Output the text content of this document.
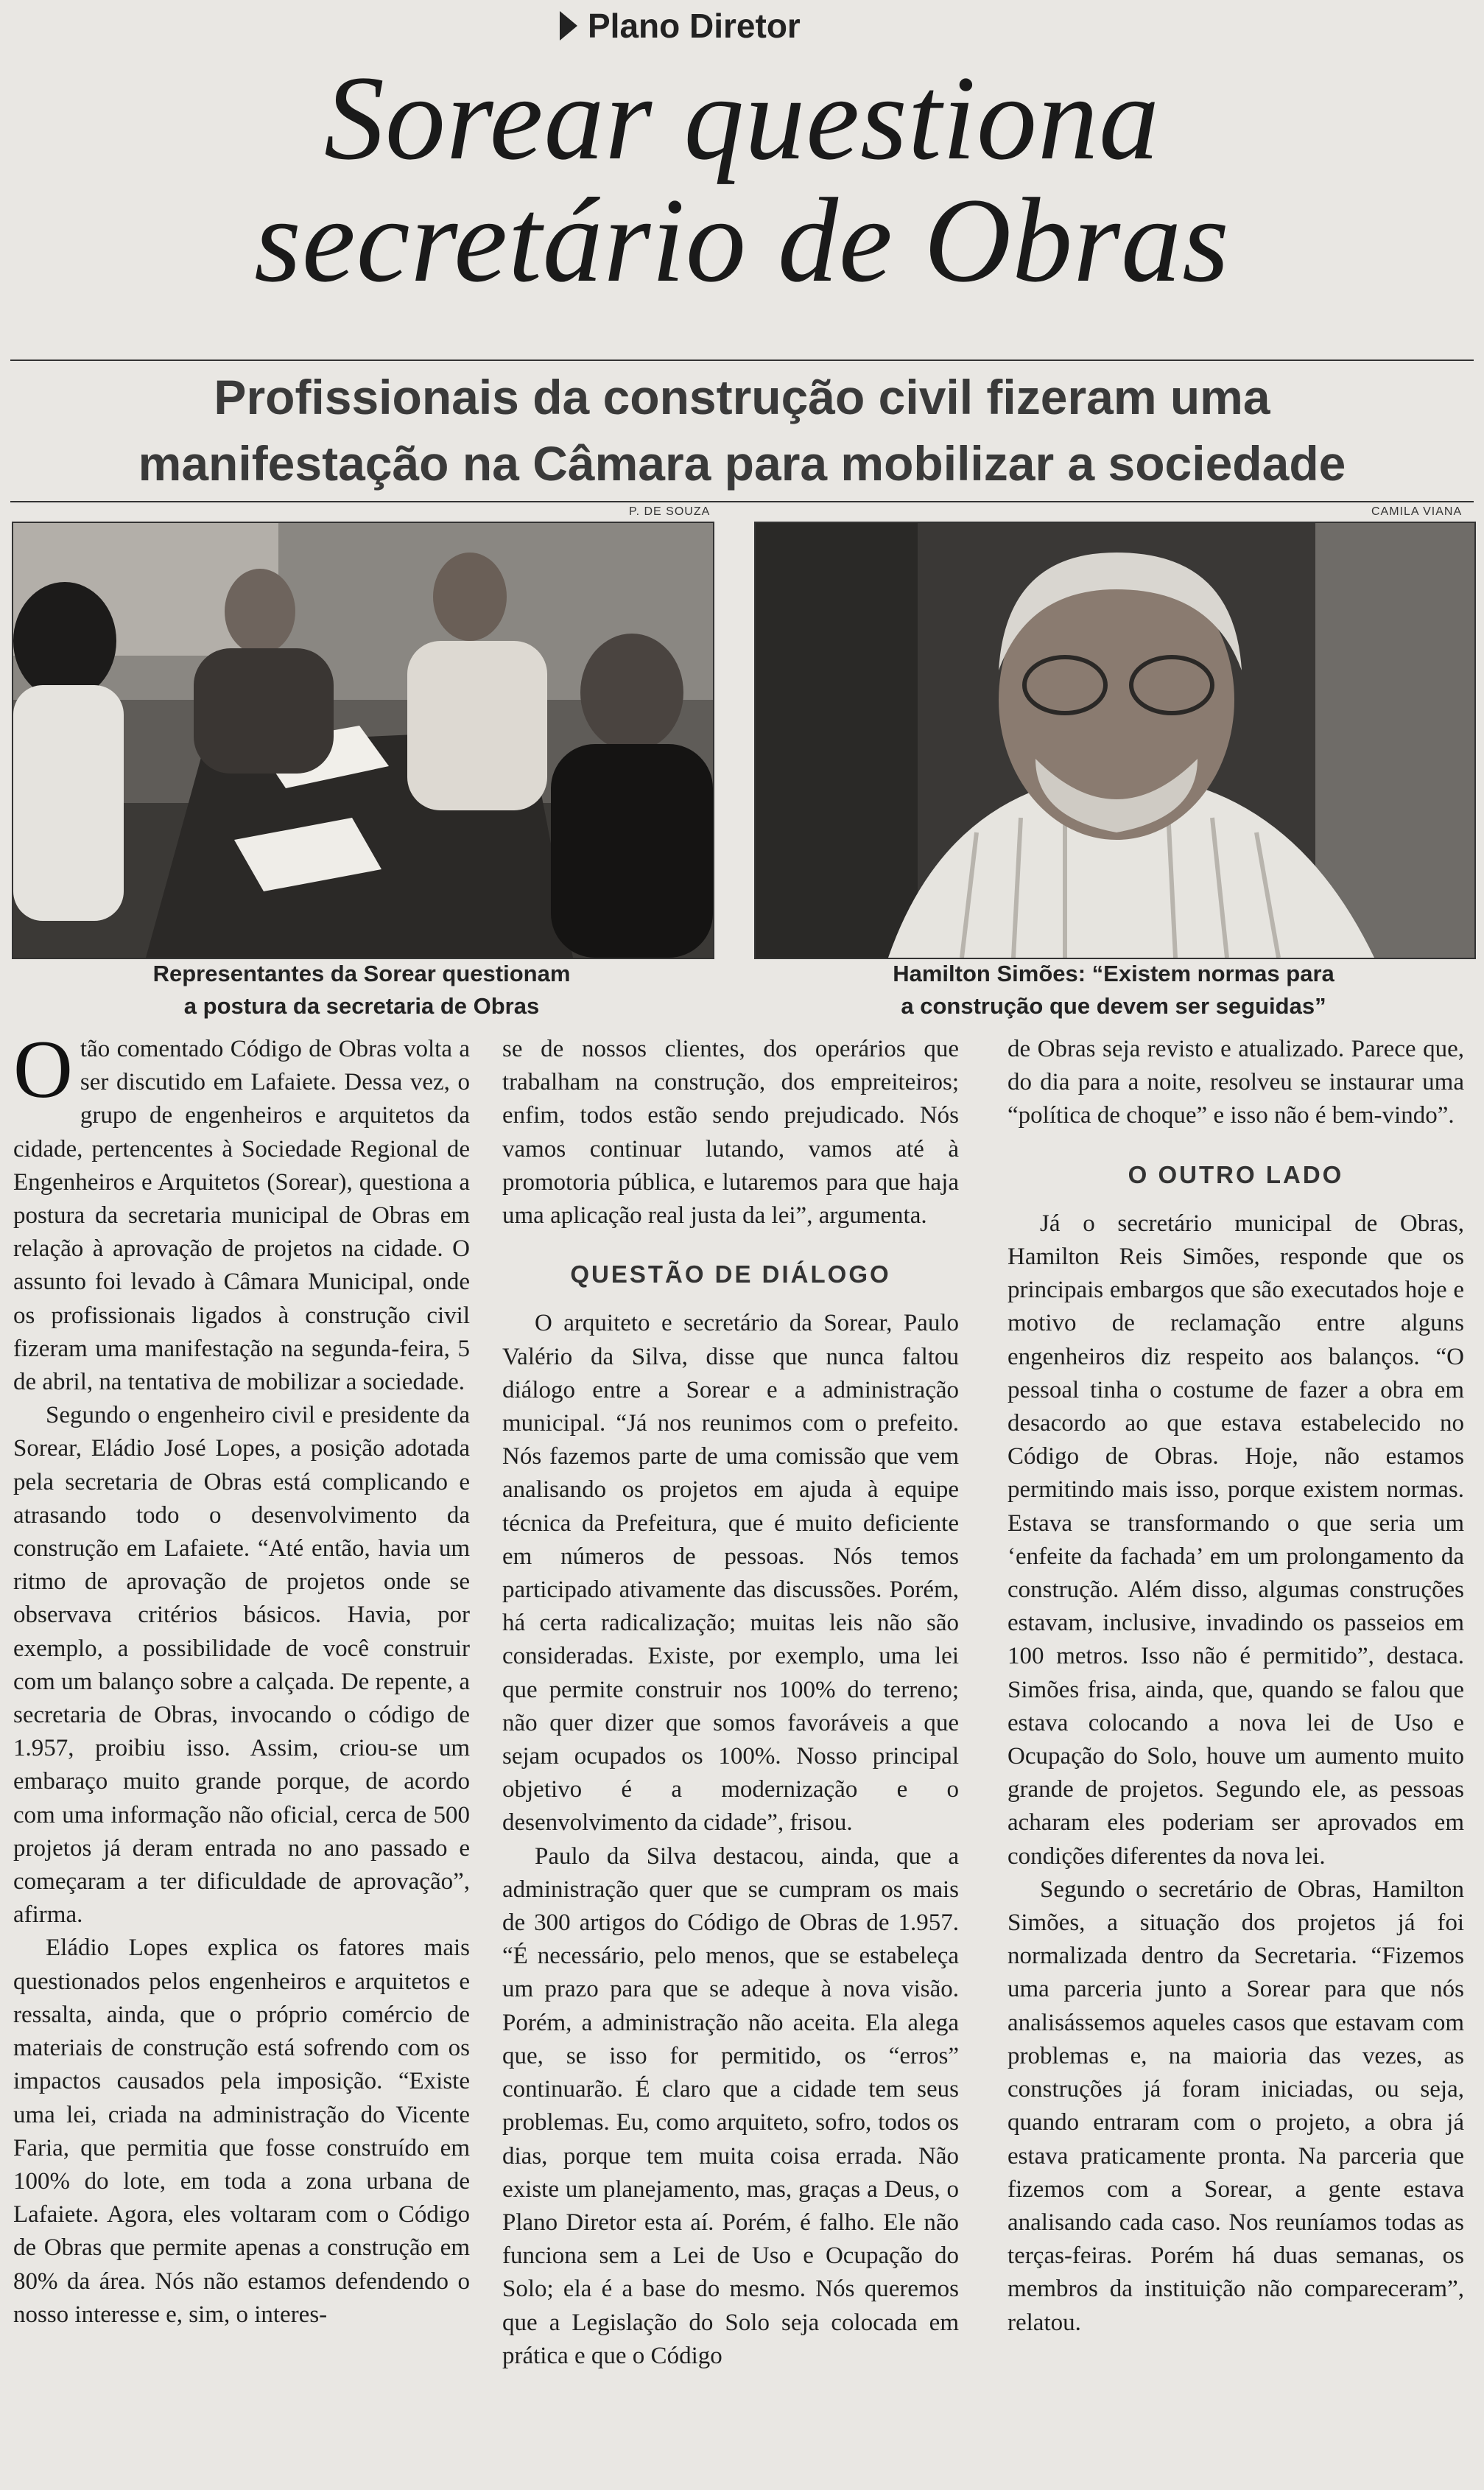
Plano Diretor
Sorear questiona
secretário de Obras
Profissionais da construção civil fizeram uma
manifestação na Câmara para mobilizar a sociedade
P. DE SOUZA	CAMILA VIANA
Representantes da Sorear questionam
a postura da secretaria de Obras
Hamilton Simões: “Existem normas para
a construção que devem ser seguidas”

Otão comentado Código de Obras volta a ser discutido em Lafaiete. Dessa vez, o grupo de engenheiros e arquitetos da cidade, pertencentes à Sociedade Regional de Engenheiros e Arquitetos (Sorear), questiona a postura da secretaria municipal de Obras em relação à aprovação de projetos na cidade. O assunto foi levado à Câmara Municipal, onde os profissionais ligados à construção civil fizeram uma manifestação na segunda-feira, 5 de abril, na tentativa de mobilizar a sociedade.

Segundo o engenheiro civil e presidente da Sorear, Eládio José Lopes, a posição adotada pela secretaria de Obras está complicando e atrasando todo o desenvolvimento da construção em Lafaiete. “Até então, havia um ritmo de aprovação de projetos onde se observava critérios básicos. Havia, por exemplo, a possibilidade de você construir com um balanço sobre a calçada. De repente, a secretaria de Obras, invocando o código de 1.957, proibiu isso. Assim, criou-se um embaraço muito grande porque, de acordo com uma informação não oficial, cerca de 500 projetos já deram entrada no ano passado e começaram a ter dificuldade de aprovação”, afirma.

Eládio Lopes explica os fatores mais questionados pelos engenheiros e arquitetos e ressalta, ainda, que o próprio comércio de materiais de construção está sofrendo com os impactos causados pela imposição. “Existe uma lei, criada na administração do Vicente Faria, que permitia que fosse construído em 100% do lote, em toda a zona urbana de Lafaiete. Agora, eles voltaram com o Código de Obras que permite apenas a construção em 80% da área. Nós não estamos defendendo o nosso interesse e, sim, o interes-

se de nossos clientes, dos operários que trabalham na construção, dos empreiteiros; enfim, todos estão sendo prejudicado. Nós vamos continuar lutando, vamos até à promotoria pública, e lutaremos para que haja uma aplicação real justa da lei”, argumenta.

QUESTÃO DE DIÁLOGO

O arquiteto e secretário da Sorear, Paulo Valério da Silva, disse que nunca faltou diálogo entre a Sorear e a administração municipal. “Já nos reunimos com o prefeito. Nós fazemos parte de uma comissão que vem analisando os projetos em ajuda à equipe técnica da Prefeitura, que é muito deficiente em números de pessoas. Nós temos participado ativamente das discussões. Porém, há certa radicalização; muitas leis não são consideradas. Existe, por exemplo, uma lei que permite construir nos 100% do terreno; não quer dizer que somos favoráveis a que sejam ocupados os 100%. Nosso principal objetivo é a modernização e o desenvolvimento da cidade”, frisou.

Paulo da Silva destacou, ainda, que a administração quer que se cumpram os mais de 300 artigos do Código de Obras de 1.957. “É necessário, pelo menos, que se estabeleça um prazo para que se adeque à nova visão. Porém, a administração não aceita. Ela alega que, se isso for permitido, os “erros” continuarão. É claro que a cidade tem seus problemas. Eu, como arquiteto, sofro, todos os dias, porque tem muita coisa errada. Não existe um planejamento, mas, graças a Deus, o Plano Diretor esta aí. Porém, é falho. Ele não funciona sem a Lei de Uso e Ocupação do Solo; ela é a base do mesmo. Nós queremos que a Legislação do Solo seja colocada em prática e que o Código

de Obras seja revisto e atualizado. Parece que, do dia para a noite, resolveu se instaurar uma “política de choque” e isso não é bem-vindo”.

O OUTRO LADO

Já o secretário municipal de Obras, Hamilton Reis Simões, responde que os principais embargos que são executados hoje e motivo de reclamação entre alguns engenheiros diz respeito aos balanços. “O pessoal tinha o costume de fazer a obra em desacordo ao que estava estabelecido no Código de Obras. Hoje, não estamos permitindo mais isso, porque existem normas. Estava se transformando o que seria um ‘enfeite da fachada’ em um prolongamento da construção. Além disso, algumas construções estavam, inclusive, invadindo os passeios em 100 metros. Isso não é permitido”, destaca. Simões frisa, ainda, que, quando se falou que estava colocando a nova lei de Uso e Ocupação do Solo, houve um aumento muito grande de projetos. Segundo ele, as pessoas acharam eles poderiam ser aprovados em condições diferentes da nova lei.

Segundo o secretário de Obras, Hamilton Simões, a situação dos projetos já foi normalizada dentro da Secretaria. “Fizemos uma parceria junto a Sorear para que nós analisássemos aqueles casos que estavam com problemas e, na maioria das vezes, as construções já foram iniciadas, ou seja, quando entraram com o projeto, a obra já estava praticamente pronta. Na parceria que fizemos com a Sorear, a gente estava analisando cada caso. Nos reuníamos todas as terças-feiras. Porém há duas semanas, os membros da instituição não compareceram”, relatou.
